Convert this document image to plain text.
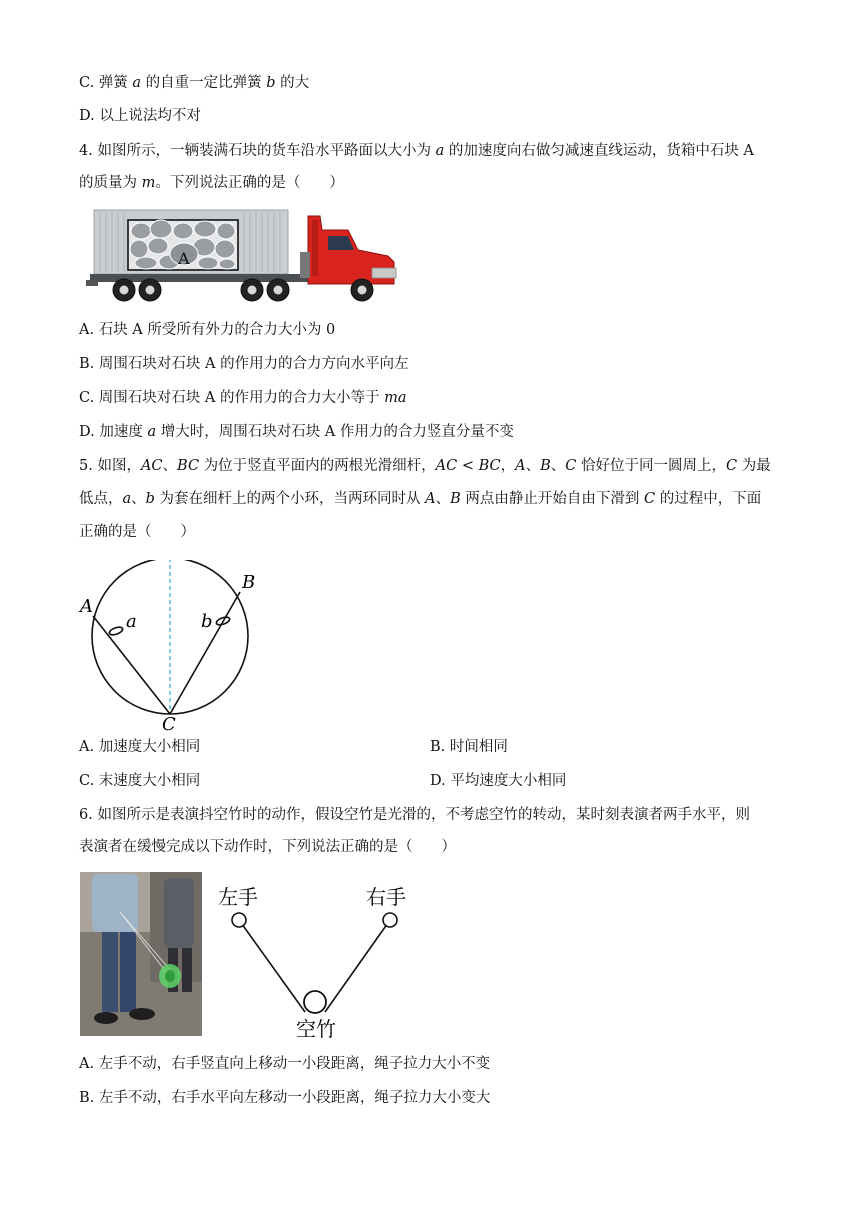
C. 弹簧 a 的自重一定比弹簧 b 的大
D. 以上说法均不对
4. 如图所示，一辆装满石块的货车沿水平路面以大小为 a 的加速度向右做匀减速直线运动，货箱中石块 A
的质量为 m。下列说法正确的是（　　）
A
A. 石块 A 所受所有外力的合力大小为 0
B. 周围石块对石块 A 的作用力的合力方向水平向左
C. 周围石块对石块 A 的作用力的合力大小等于 ma
D. 加速度 a 增大时，周围石块对石块 A 作用力的合力竖直分量不变
5. 如图，AC、BC 为位于竖直平面内的两根光滑细杆，AC < BC，A、B、C 恰好位于同一圆周上，C 为最
低点，a、b 为套在细杆上的两个小环，当两环同时从 A、B 两点由静止开始自由下滑到 C 的过程中，下面
正确的是（　　）
A
B
C
a	b
A. 加速度大小相同	B. 时间相同
C. 末速度大小相同	D. 平均速度大小相同
6. 如图所示是表演抖空竹时的动作，假设空竹是光滑的，不考虑空竹的转动，某时刻表演者两手水平，则
表演者在缓慢完成以下动作时，下列说法正确的是（　　）
左手	右手
空竹
A. 左手不动，右手竖直向上移动一小段距离，绳子拉力大小不变
B. 左手不动，右手水平向左移动一小段距离，绳子拉力大小变大
